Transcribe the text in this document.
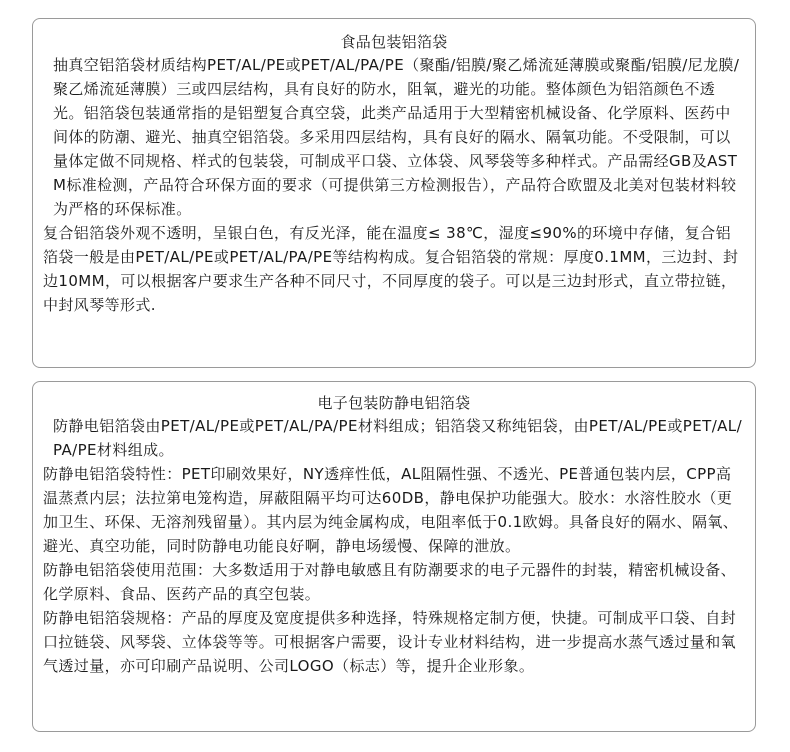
食品包装铝箔袋

抽真空铝箔袋材质结构PET/AL/PE或PET/AL/PA/PE（聚酯/铝膜/聚乙烯流延薄膜或聚酯/铝膜/尼龙膜/聚乙烯流延薄膜）三或四层结构，具有良好的防水，阻氧，避光的功能。整体颜色为铝箔颜色不透光。铝箔袋包装通常指的是铝塑复合真空袋，此类产品适用于大型精密机械设备、化学原料、医药中间体的防潮、避光、抽真空铝箔袋。多采用四层结构，具有良好的隔水、隔氧功能。不受限制，可以量体定做不同规格、样式的包装袋，可制成平口袋、立体袋、风琴袋等多种样式。产品需经GB及ASTM标准检测，产品符合环保方面的要求（可提供第三方检测报告），产品符合欧盟及北美对包装材料较为严格的环保标准。

复合铝箔袋外观不透明，呈银白色，有反光泽，能在温度≤ 38℃，湿度≤90%的环境中存储，复合铝箔袋一般是由PET/AL/PE或PET/AL/PA/PE等结构构成。复合铝箔袋的常规：厚度0.1MM，三边封、封边10MM，可以根据客户要求生产各种不同尺寸，不同厚度的袋子。可以是三边封形式，直立带拉链，中封风琴等形式.

电子包装防静电铝箔袋

防静电铝箔袋由PET/AL/PE或PET/AL/PA/PE材料组成；铝箔袋又称纯铝袋，由PET/AL/PE或PET/AL/PA/PE材料组成。

防静电铝箔袋特性：PET印刷效果好，NY透痒性低，AL阻隔性强、不透光、PE普通包装内层，CPP高温蒸煮内层；法拉第电笼构造，屏蔽阻隔平均可达60DB，静电保护功能强大。胶水：水溶性胶水（更加卫生、环保、无溶剂残留量）。其内层为纯金属构成，电阻率低于0.1欧姆。具备良好的隔水、隔氧、避光、真空功能，同时防静电功能良好啊，静电场缓慢、保障的泄放。

防静电铝箔袋使用范围：大多数适用于对静电敏感且有防潮要求的电子元器件的封装，精密机械设备、化学原料、食品、医药产品的真空包装。

防静电铝箔袋规格：产品的厚度及宽度提供多种选择，特殊规格定制方便，快捷。可制成平口袋、自封口拉链袋、风琴袋、立体袋等等。可根据客户需要，设计专业材料结构，进一步提高水蒸气透过量和氧气透过量，亦可印刷产品说明、公司LOGO（标志）等，提升企业形象。
